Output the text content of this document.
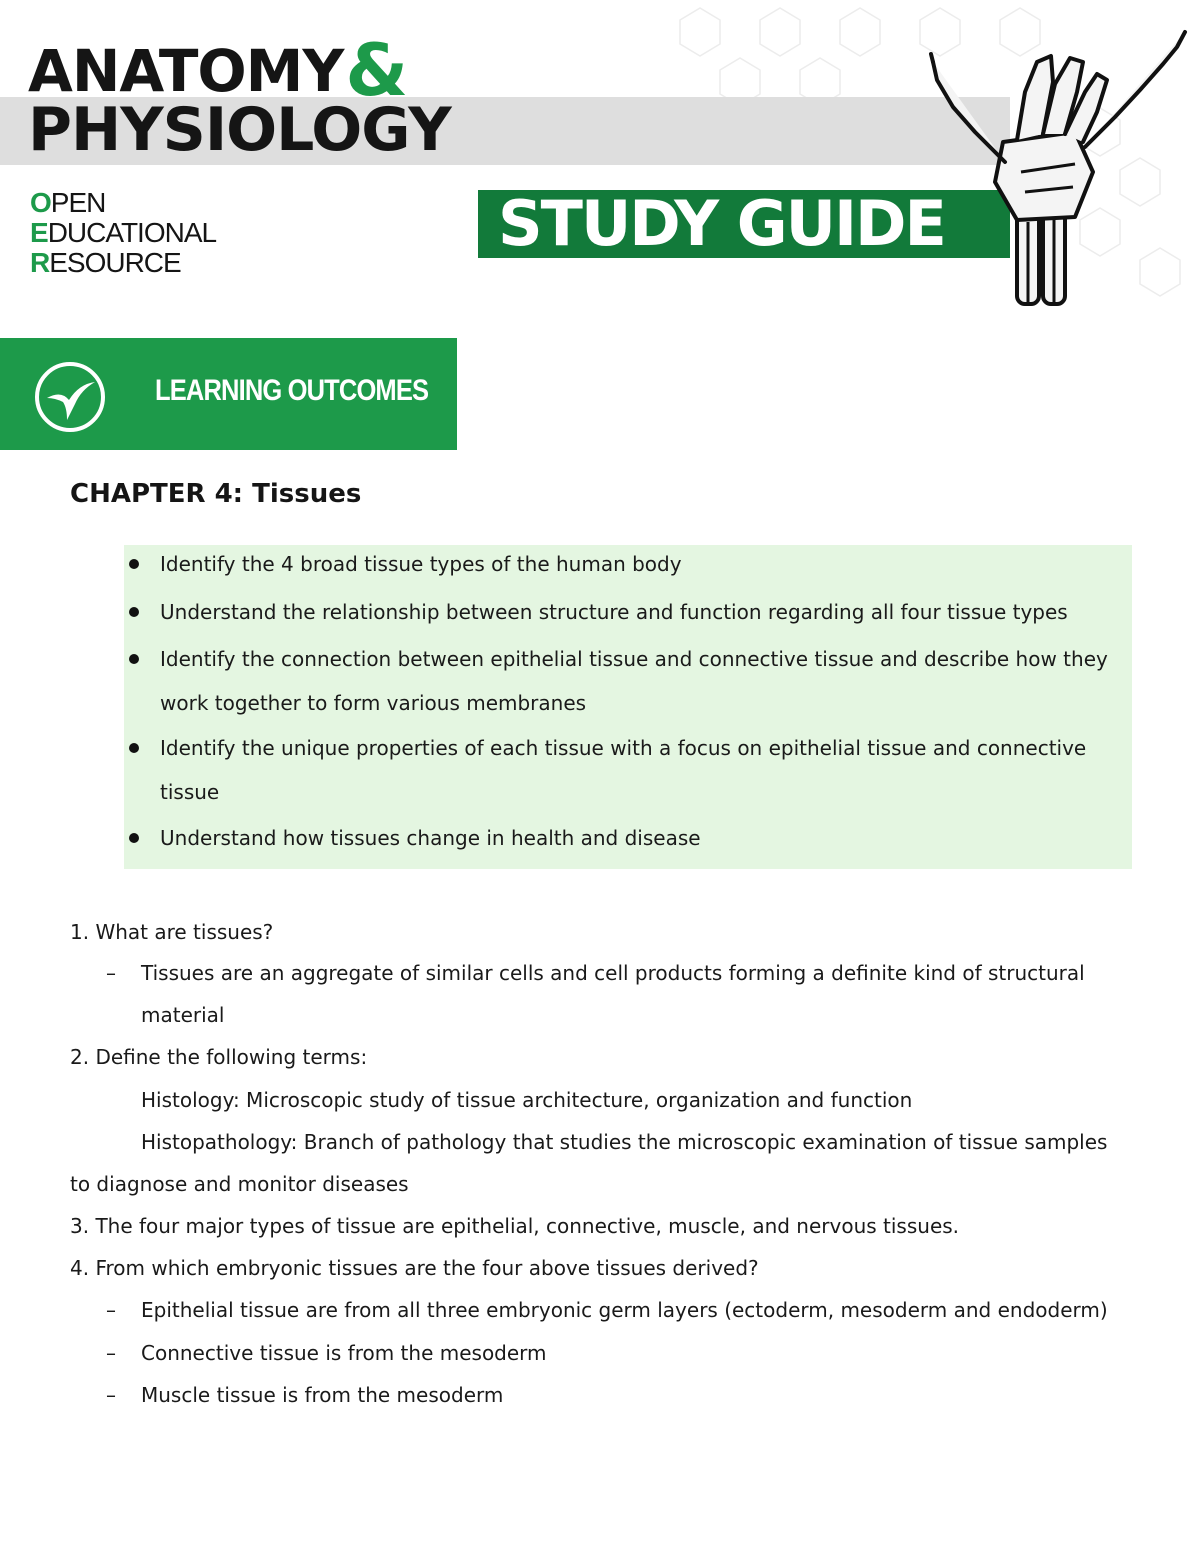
ANATOMY&
PHYSIOLOGY
OPEN
EDUCATIONAL
RESOURCE
STUDY GUIDE
LEARNING OUTCOMES
CHAPTER 4: Tissues
Identify the 4 broad tissue types of the human body
Understand the relationship between structure and function regarding all four tissue types
Identify the connection between epithelial tissue and connective tissue and describe how they work together to form various membranes
Identify the unique properties of each tissue with a focus on epithelial tissue and connective tissue
Understand how tissues change in health and disease
1. What are tissues?
– Tissues are an aggregate of similar cells and cell products forming a definite kind of structural
material
2. Define the following terms:
Histology: Microscopic study of tissue architecture, organization and function
Histopathology: Branch of pathology that studies the microscopic examination of tissue samples
to diagnose and monitor diseases
3. The four major types of tissue are epithelial, connective, muscle, and nervous tissues.
4. From which embryonic tissues are the four above tissues derived?
– Epithelial tissue are from all three embryonic germ layers (ectoderm, mesoderm and endoderm)
– Connective tissue is from the mesoderm
– Muscle tissue is from the mesoderm
